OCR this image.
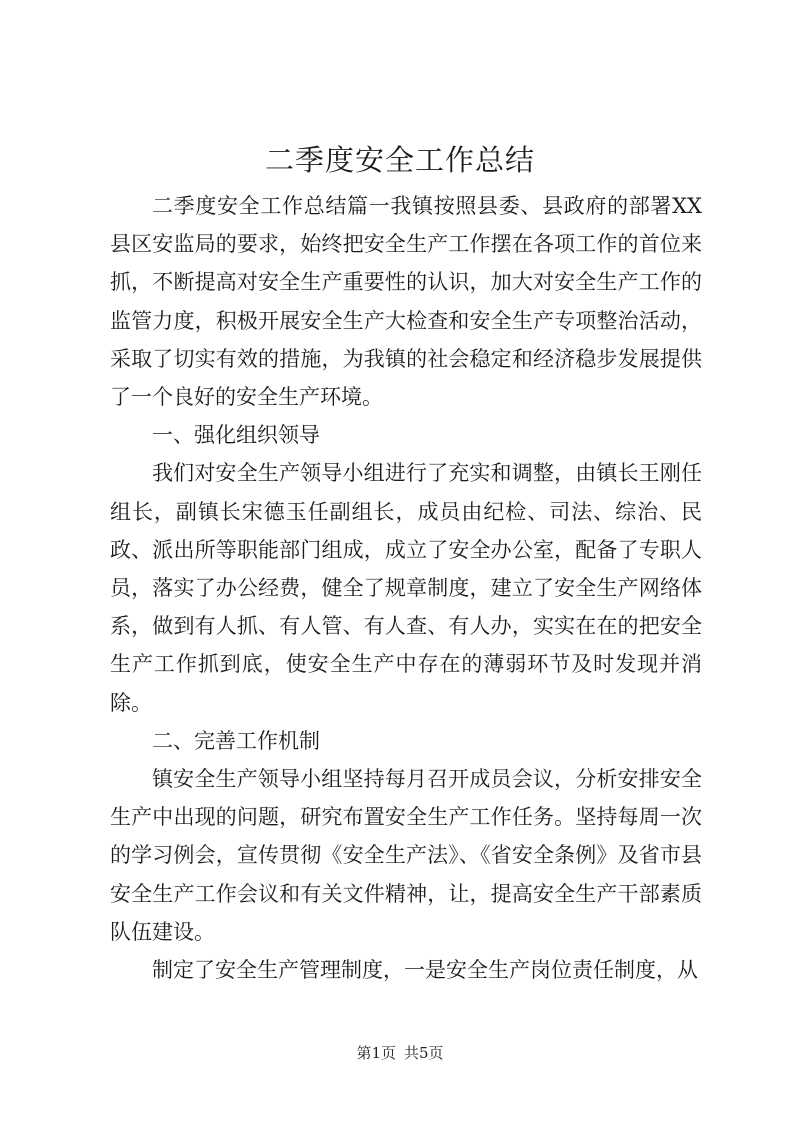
二季度安全工作总结

二季度安全工作总结篇一我镇按照县委、县政府的部署XX县区安监局的要求，始终把安全生产工作摆在各项工作的首位来抓，不断提高对安全生产重要性的认识，加大对安全生产工作的监管力度，积极开展安全生产大检查和安全生产专项整治活动，采取了切实有效的措施，为我镇的社会稳定和经济稳步发展提供了一个良好的安全生产环境。

一、强化组织领导

我们对安全生产领导小组进行了充实和调整，由镇长王刚任组长，副镇长宋德玉任副组长，成员由纪检、司法、综治、民政、派出所等职能部门组成，成立了安全办公室，配备了专职人员，落实了办公经费，健全了规章制度，建立了安全生产网络体系，做到有人抓、有人管、有人查、有人办，实实在在的把安全生产工作抓到底，使安全生产中存在的薄弱环节及时发现并消除。

二、完善工作机制

镇安全生产领导小组坚持每月召开成员会议，分析安排安全生产中出现的问题，研究布置安全生产工作任务。坚持每周一次的学习例会，宣传贯彻《安全生产法》、《省安全条例》及省市县安全生产工作会议和有关文件精神，让，提高安全生产干部素质队伍建设。

制定了安全生产管理制度，一是安全生产岗位责任制度，从

第1页 共5页
